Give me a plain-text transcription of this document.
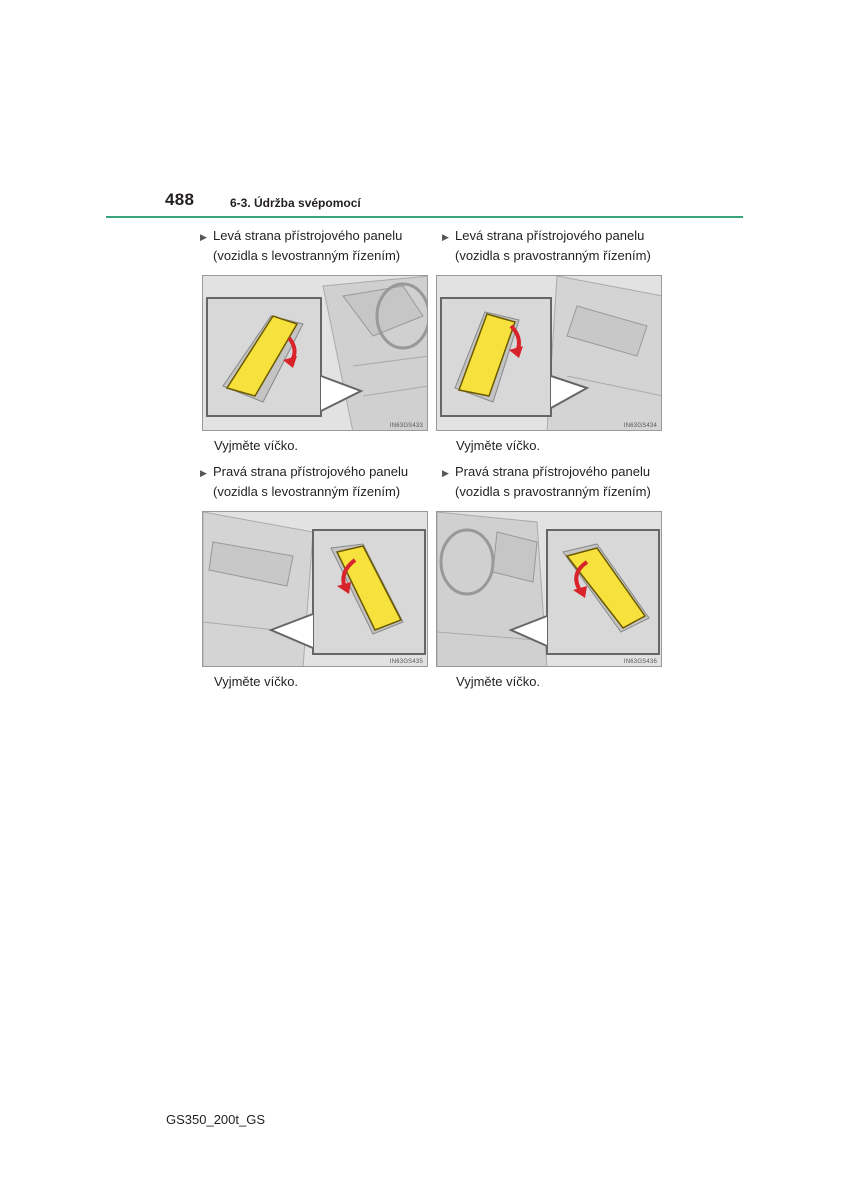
488	6-3. Údržba svépomocí
▶ Levá strana přístrojového panelu
(vozidla s levostranným řízením)
IN63GS433
Vyjměte víčko.
▶ Levá strana přístrojového panelu
(vozidla s pravostranným řízením)
IN63GS434
Vyjměte víčko.
▶ Pravá strana přístrojového panelu
(vozidla s levostranným řízením)
IN63GS435
Vyjměte víčko.
▶ Pravá strana přístrojového panelu
(vozidla s pravostranným řízením)
IN63GS436
Vyjměte víčko.
GS350_200t_GS
